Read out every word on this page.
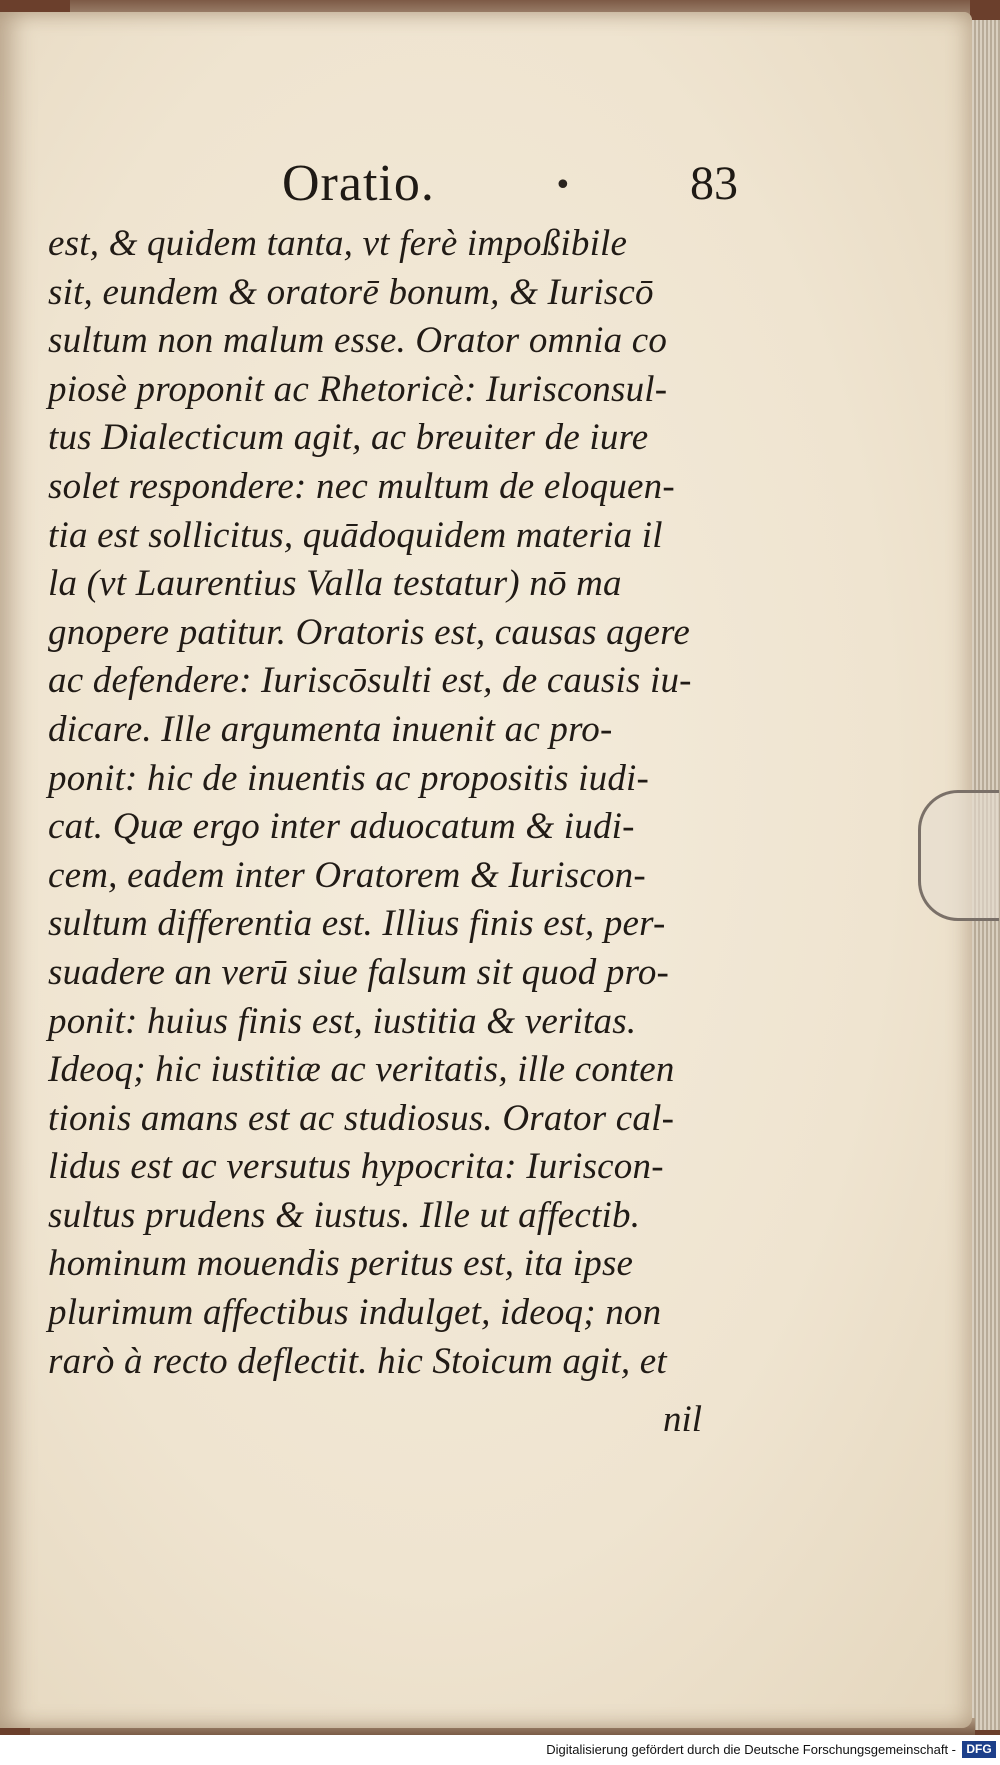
Oratio.	• 83
est, & quidem tanta, vt ferè impoßibile
sit, eundem & oratorē bonum, & Iuriscō
sultum non malum esse. Orator omnia co
piosè proponit ac Rhetoricè: Iurisconsul-
tus Dialecticum agit, ac breuiter de iure
solet respondere: nec multum de eloquen-
tia est sollicitus, quādoquidem materia il
la (vt Laurentius Valla testatur) nō ma
gnopere patitur. Oratoris est, causas agere
ac defendere: Iuriscōsulti est, de causis iu-
dicare. Ille argumenta inuenit ac pro-
ponit: hic de inuentis ac propositis iudi-
cat. Quæ ergo inter aduocatum & iudi-
cem, eadem inter Oratorem & Iuriscon-
sultum differentia est. Illius finis est, per-
suadere an verū siue falsum sit quod pro-
ponit: huius finis est, iustitia & veritas.
Ideoq; hic iustitiæ ac veritatis, ille conten
tionis amans est ac studiosus. Orator cal-
lidus est ac versutus hypocrita: Iuriscon-
sultus prudens & iustus. Ille ut affectib.
hominum mouendis peritus est, ita ipse
plurimum affectibus indulget, ideoq; non
rarò à recto deflectit. hic Stoicum agit, et
nil
Digitalisierung gefördert durch die Deutsche Forschungsgemeinschaft - DFG
